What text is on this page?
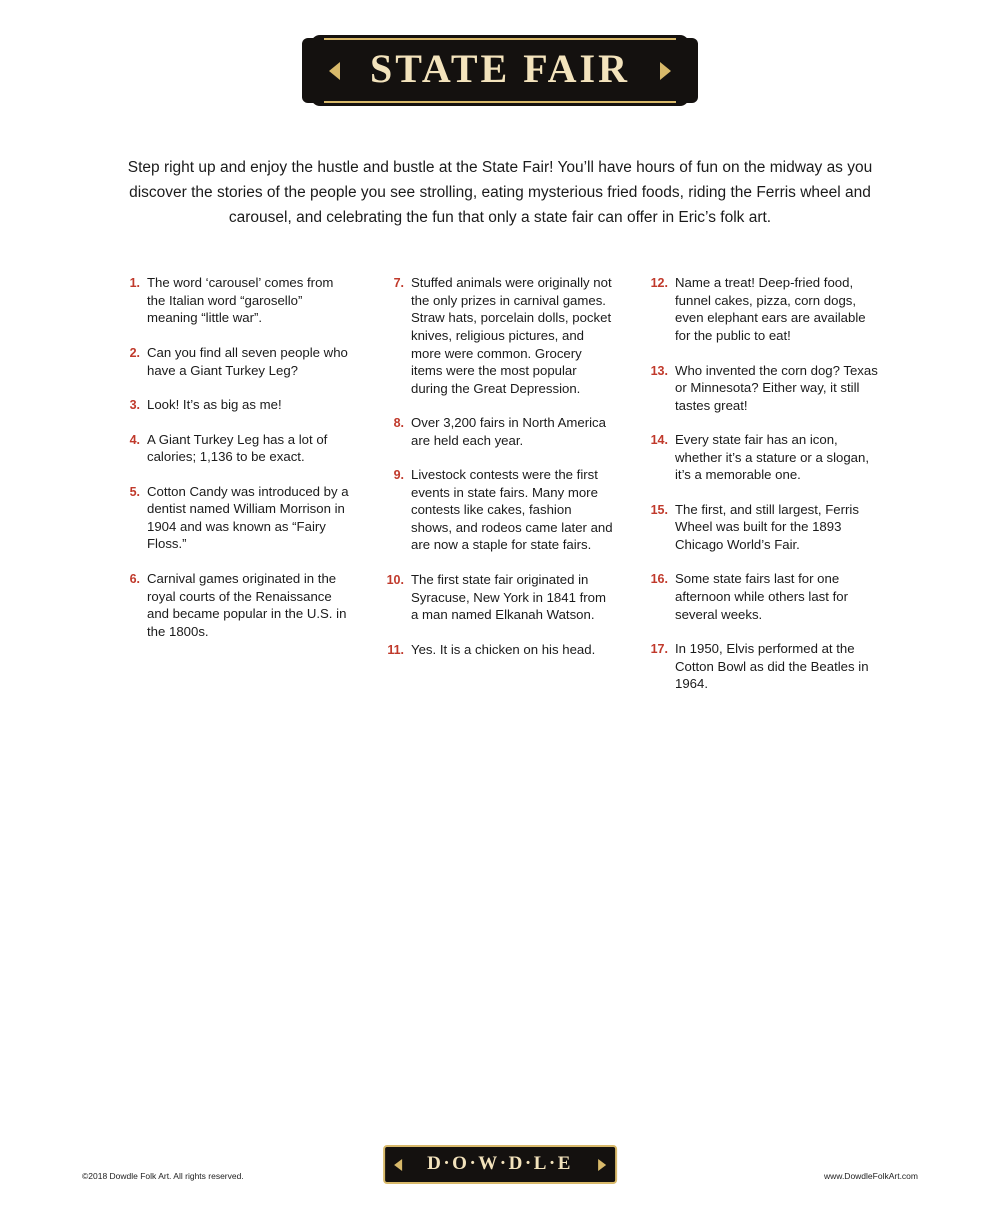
STATE FAIR
Step right up and enjoy the hustle and bustle at the State Fair! You’ll have hours of fun on the midway as you discover the stories of the people you see strolling, eating mysterious fried foods, riding the Ferris wheel and carousel, and celebrating the fun that only a state fair can offer in Eric’s folk art.
1. The word ‘carousel’ comes from the Italian word “garosello” meaning “little war”.
2. Can you find all seven people who have a Giant Turkey Leg?
3. Look! It’s as big as me!
4. A Giant Turkey Leg has a lot of calories; 1,136 to be exact.
5. Cotton Candy was introduced by a dentist named William Morrison in 1904 and was known as “Fairy Floss.”
6. Carnival games originated in the royal courts of the Renaissance and became popular in the U.S. in the 1800s.
7. Stuffed animals were originally not the only prizes in carnival games. Straw hats, porcelain dolls, pocket knives, religious pictures, and more were common. Grocery items were the most popular during the Great Depression.
8. Over 3,200 fairs in North America are held each year.
9. Livestock contests were the first events in state fairs. Many more contests like cakes, fashion shows, and rodeos came later and are now a staple for state fairs.
10. The first state fair originated in Syracuse, New York in 1841 from a man named Elkanah Watson.
11. Yes. It is a chicken on his head.
12. Name a treat! Deep-fried food, funnel cakes, pizza, corn dogs, even elephant ears are available for the public to eat!
13. Who invented the corn dog? Texas or Minnesota? Either way, it still tastes great!
14. Every state fair has an icon, whether it’s a stature or a slogan, it’s a memorable one.
15. The first, and still largest, Ferris Wheel was built for the 1893 Chicago World’s Fair.
16. Some state fairs last for one afternoon while others last for several weeks.
17. In 1950, Elvis performed at the Cotton Bowl as did the Beatles in 1964.
©2018 Dowdle Folk Art. All rights reserved.
D·O·W·D·L·E
www.DowdleFolkArt.com
